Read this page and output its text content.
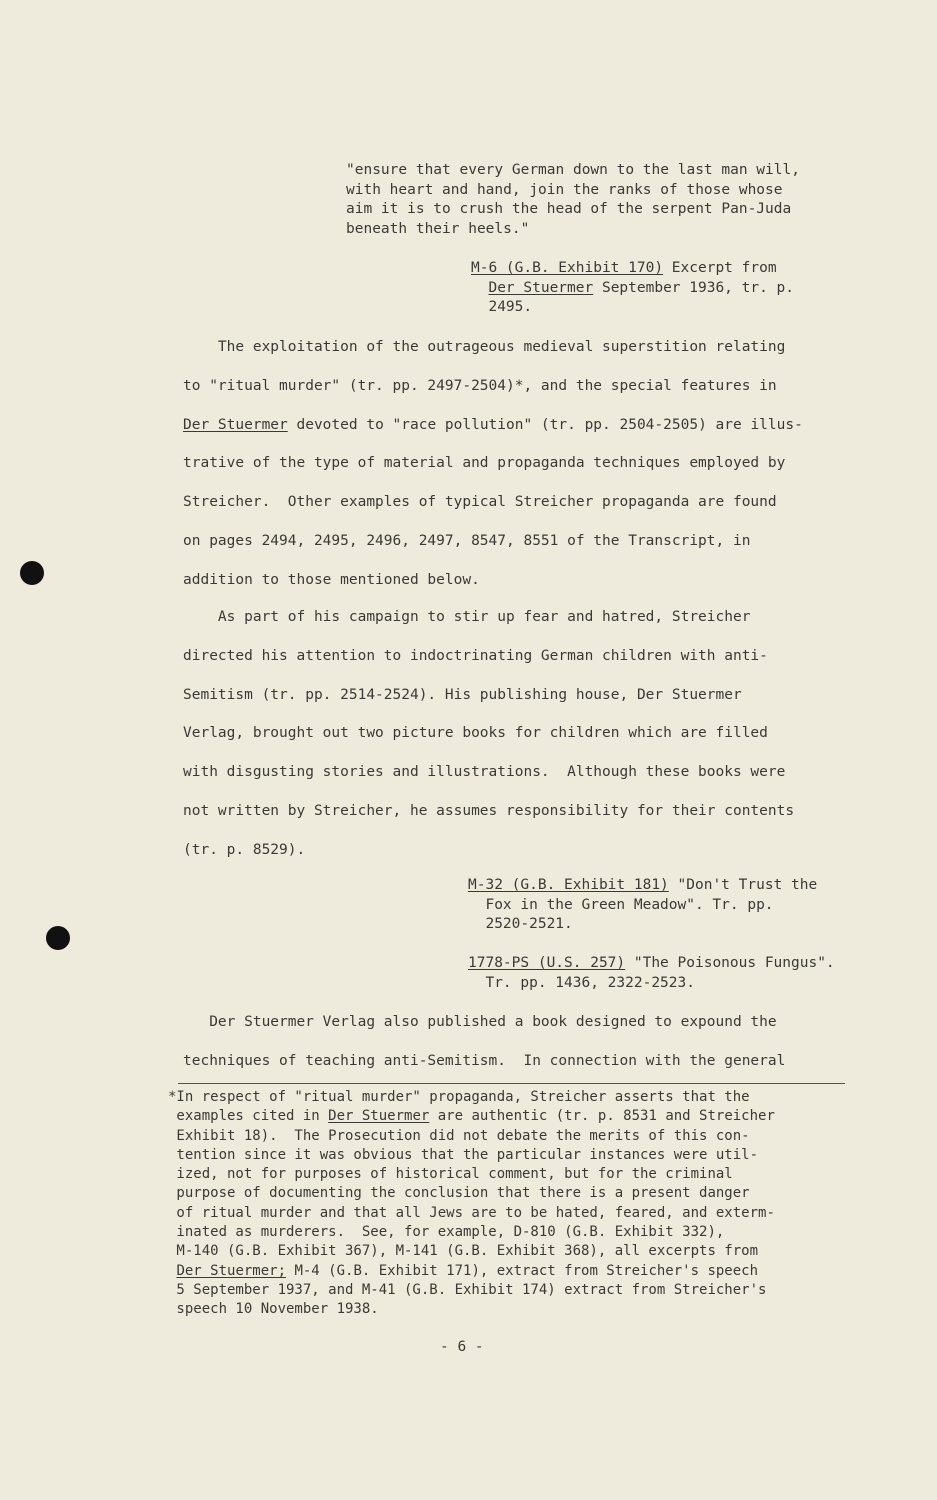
"ensure that every German down to the last man will,
with heart and hand, join the ranks of those whose
aim it is to crush the head of the serpent Pan-Juda
beneath their heels."
M-6 (G.B. Exhibit 170) Excerpt from
Der Stuermer September 1936, tr. p.
2495.
The exploitation of the outrageous medieval superstition relating
to "ritual murder" (tr. pp. 2497-2504)*, and the special features in
Der Stuermer devoted to "race pollution" (tr. pp. 2504-2505) are illus-
trative of the type of material and propaganda techniques employed by
Streicher.  Other examples of typical Streicher propaganda are found
on pages 2494, 2495, 2496, 2497, 8547, 8551 of the Transcript, in
addition to those mentioned below.
As part of his campaign to stir up fear and hatred, Streicher
directed his attention to indoctrinating German children with anti-
Semitism (tr. pp. 2514-2524). His publishing house, Der Stuermer
Verlag, brought out two picture books for children which are filled
with disgusting stories and illustrations.  Although these books were
not written by Streicher, he assumes responsibility for their contents
(tr. p. 8529).
M-32 (G.B. Exhibit 181) "Don't Trust the
Fox in the Green Meadow". Tr. pp.
2520-2521.
1778-PS (U.S. 257) "The Poisonous Fungus".
Tr. pp. 1436, 2322-2523.
Der Stuermer Verlag also published a book designed to expound the
techniques of teaching anti-Semitism.  In connection with the general
*In respect of "ritual murder" propaganda, Streicher asserts that the
examples cited in Der Stuermer are authentic (tr. p. 8531 and Streicher
Exhibit 18).  The Prosecution did not debate the merits of this con-
tention since it was obvious that the particular instances were util-
ized, not for purposes of historical comment, but for the criminal
purpose of documenting the conclusion that there is a present danger
of ritual murder and that all Jews are to be hated, feared, and exterm-
inated as murderers.  See, for example, D-810 (G.B. Exhibit 332),
M-140 (G.B. Exhibit 367), M-141 (G.B. Exhibit 368), all excerpts from
Der Stuermer; M-4 (G.B. Exhibit 171), extract from Streicher's speech
5 September 1937, and M-41 (G.B. Exhibit 174) extract from Streicher's
speech 10 November 1938.
- 6 -
